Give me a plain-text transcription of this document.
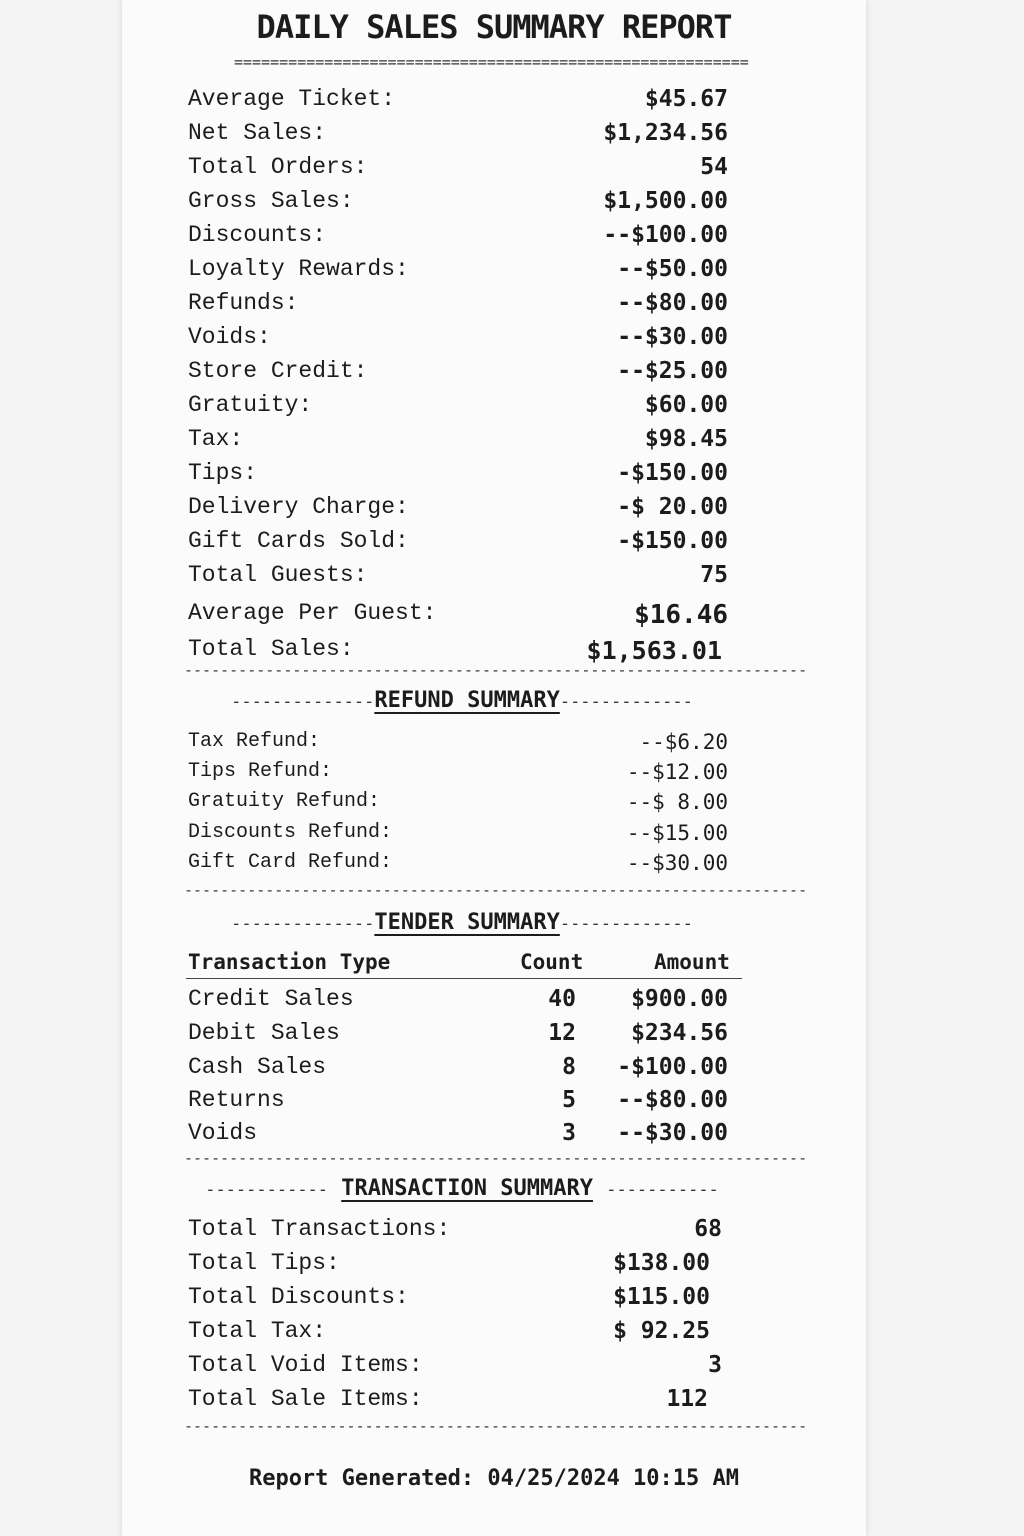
DAILY SALES SUMMARY REPORT
=========================================================
Average Ticket:	$45.67
Net Sales:	$1,234.56
Total Orders:	54
Gross Sales:	$1,500.00
Discounts:	--$100.00
Loyalty Rewards:	--$50.00
Refunds:	--$80.00
Voids:	--$30.00
Store Credit:	--$25.00
Gratuity:	$60.00
Tax:	$98.45
Tips:	-$150.00
Delivery Charge:	-$ 20.00
Gift Cards Sold:	-$150.00
Total Guests:	75
Average Per Guest:	$16.46
Total Sales:	$1,563.01
---------------------------------------------------------------------
--------------REFUND SUMMARY-------------
Tax Refund:	--$6.20
Tips Refund:	--$12.00
Gratuity Refund:	--$ 8.00
Discounts Refund:	--$15.00
Gift Card Refund:	--$30.00
---------------------------------------------------------------------
--------------TENDER SUMMARY-------------
Transaction Type	Count	Amount
Credit Sales	40 $900.00
Debit Sales	12 $234.56
Cash Sales	8 -$100.00
Returns	5 --$80.00
Voids	3 --$30.00
---------------------------------------------------------------------
------------ TRANSACTION SUMMARY -----------
Total Transactions:	68
Total Tips:	$138.00
Total Discounts:	$115.00
Total Tax:	$ 92.25
Total Void Items:	3
Total Sale Items:	112
---------------------------------------------------------------------
Report Generated: 04/25/2024 10:15 AM
